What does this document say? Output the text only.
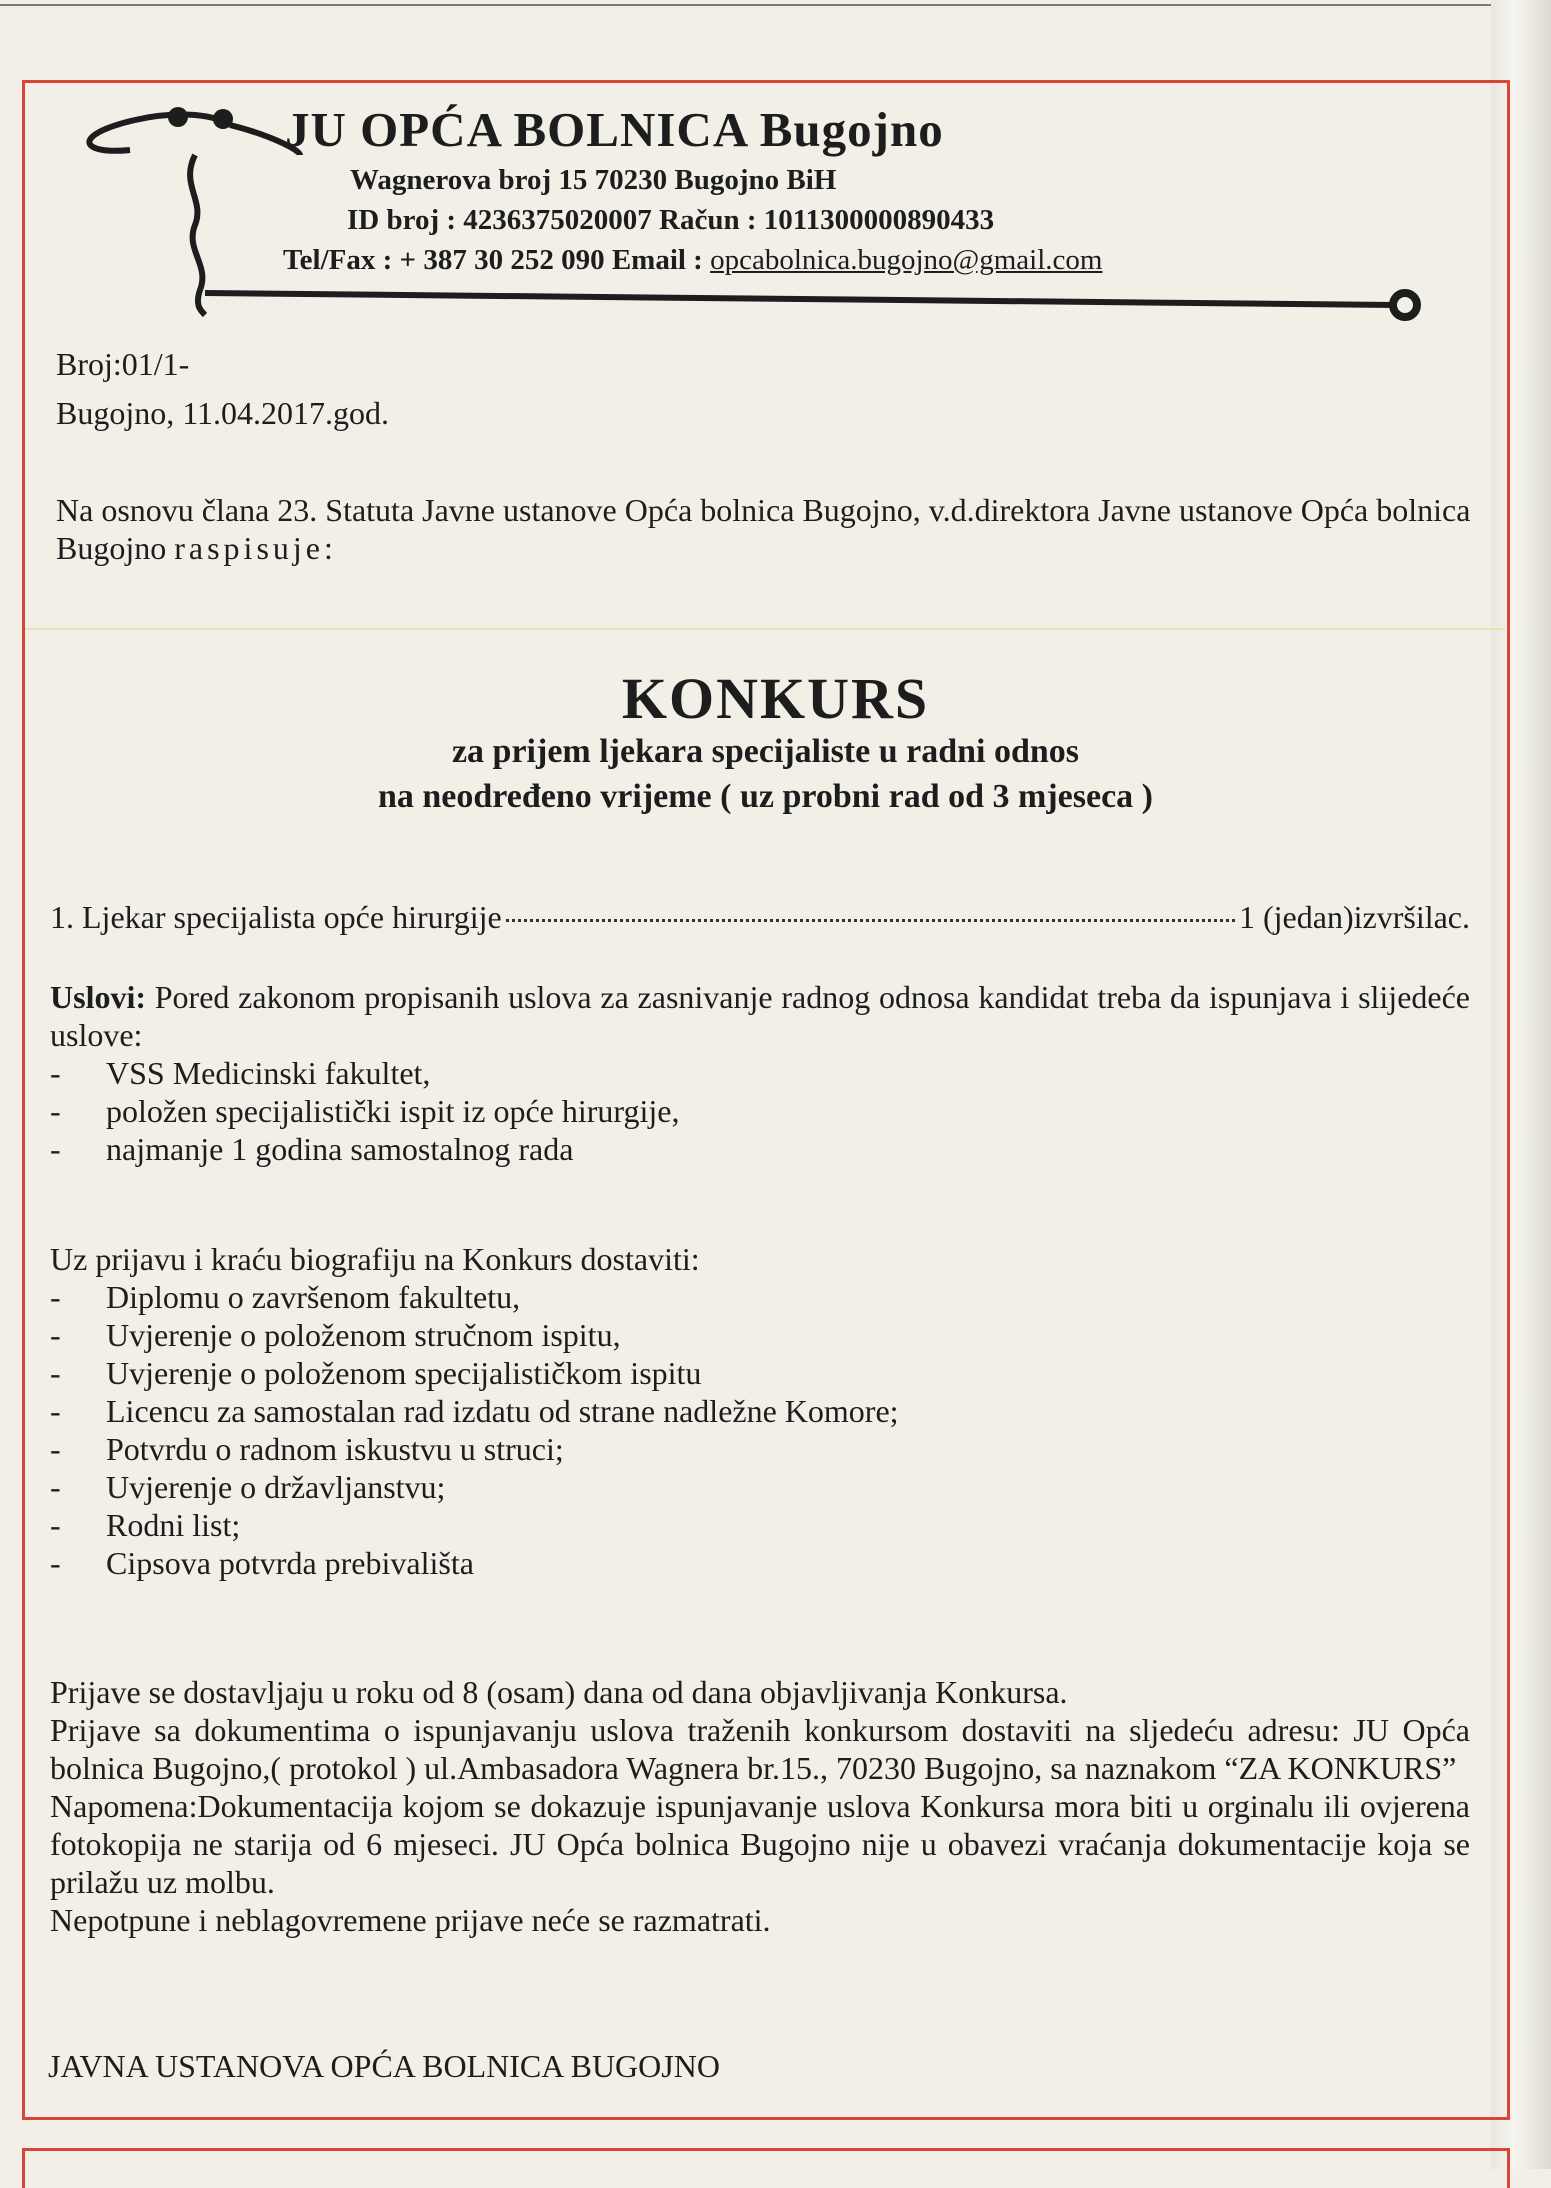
JU OPĆA BOLNICA Bugojno
Wagnerova broj 15 70230 Bugojno BiH
ID broj : 4236375020007 Račun : 1011300000890433
Tel/Fax : + 387 30 252 090 Email : opcabolnica.bugojno@gmail.com
Broj:01/1-
Bugojno, 11.04.2017.god.
Na osnovu člana 23. Statuta Javne ustanove Opća bolnica Bugojno, v.d.direktora Javne ustanove Opća bolnica Bugojno raspisuje:
KONKURS
za prijem ljekara specijaliste u radni odnos
na neodređeno vrijeme ( uz probni rad od 3 mjeseca )
1. Ljekar specijalista opće hirurgije	1 (jedan)izvršilac.

Uslovi: Pored zakonom propisanih uslova za zasnivanje radnog odnosa kandidat treba da ispunjava i slijedeće uslove:

- VSS Medicinski fakultet,
- položen specijalistički ispit iz opće hirurgije,
- najmanje 1 godina samostalnog rada
Uz prijavu i kraću biografiju na Konkurs dostaviti:
- Diplomu o završenom fakultetu,
- Uvjerenje o položenom stručnom ispitu,
- Uvjerenje o položenom specijalističkom ispitu
- Licencu za samostalan rad izdatu od strane nadležne Komore;
- Potvrdu o radnom iskustvu u struci;
- Uvjerenje o državljanstvu;
- Rodni list;
- Cipsova potvrda prebivališta

Prijave se dostavljaju u roku od 8 (osam) dana od dana objavljivanja Konkursa.

Prijave sa dokumentima o ispunjavanju uslova traženih konkursom dostaviti na sljedeću adresu: JU Opća bolnica Bugojno,( protokol ) ul.Ambasadora Wagnera br.15., 70230 Bugojno, sa naznakom “ZA KONKURS”

Napomena:Dokumentacija kojom se dokazuje ispunjavanje uslova Konkursa mora biti u orginalu ili ovjerena fotokopija ne starija od 6 mjeseci. JU Opća bolnica Bugojno nije u obavezi vraćanja dokumentacije koja se prilažu uz molbu.

Nepotpune i neblagovremene prijave neće se razmatrati.

JAVNA USTANOVA OPĆA BOLNICA BUGOJNO
